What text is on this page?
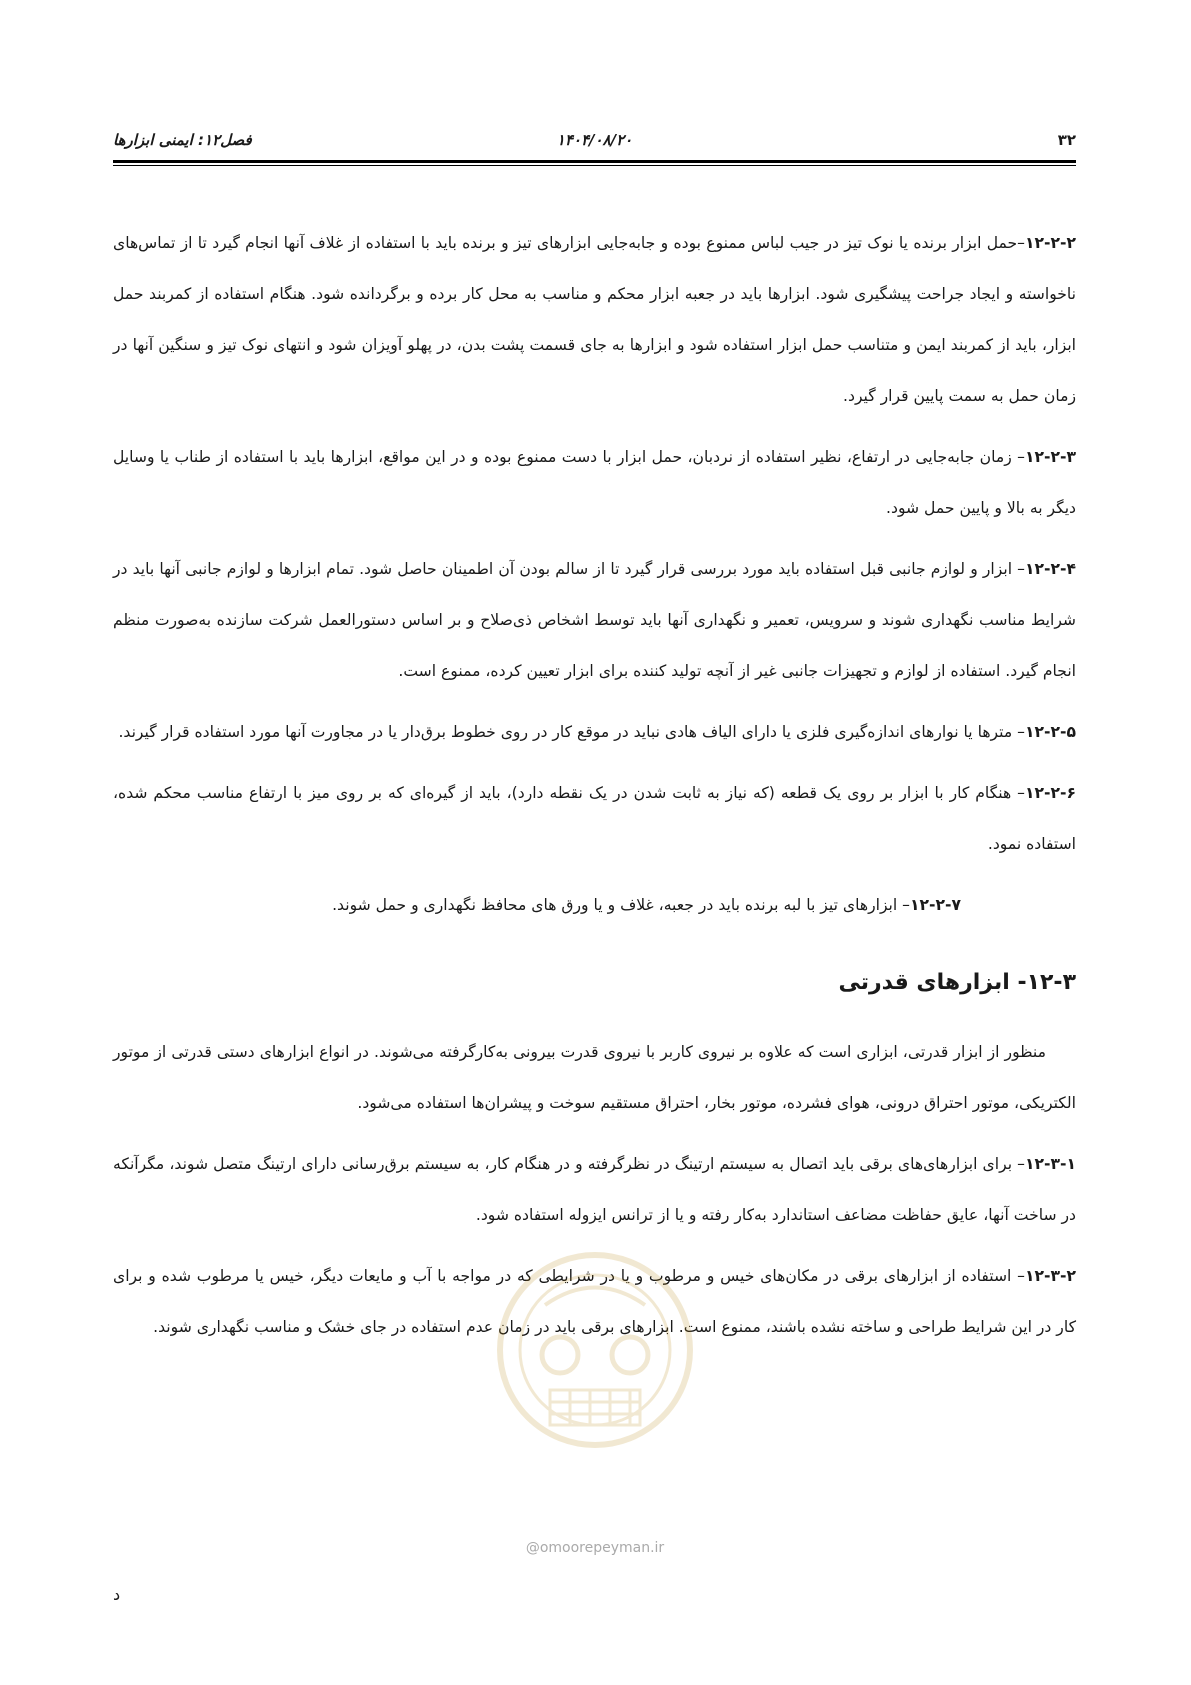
۳۲
۱۴۰۴/۰۸/۲۰
فصل۱۲: ایمنی ابزارها

۱۲-۲-۲–حمل ابزار برنده یا نوک تیز در جیب لباس ممنوع بوده و جابه‌جایی ابزارهای تیز و برنده باید با استفاده از غلاف آنها انجام گیرد تا از تماس‌های ناخواسته و ایجاد جراحت پیشگیری شود. ابزارها باید در جعبه ابزار محکم و مناسب به محل کار برده و برگردانده شود. هنگام استفاده از کمربند حمل ابزار، باید از کمربند ایمن و متناسب حمل ابزار استفاده شود و ابزارها به جای قسمت پشت بدن، در پهلو آویزان شود و انتهای نوک تیز و سنگین آنها در زمان حمل به سمت پایین قرار گیرد.

۱۲-۲-۳– زمان جابه‌جایی در ارتفاع، نظیر استفاده از نردبان، حمل ابزار با دست ممنوع بوده و در این مواقع، ابزارها باید با استفاده از طناب یا وسایل دیگر به بالا و پایین حمل شود.

۱۲-۲-۴– ابزار و لوازم جانبی قبل استفاده باید مورد بررسی قرار گیرد تا از سالم بودن آن اطمینان حاصل شود. تمام ابزارها و لوازم جانبی آنها باید در شرایط مناسب نگهداری شوند و سرویس، تعمیر و نگهداری آنها باید توسط اشخاص ذی‌صلاح و بر اساس دستورالعمل شرکت سازنده به‌صورت منظم انجام گیرد. استفاده از لوازم و تجهیزات جانبی غیر از آنچه تولید کننده برای ابزار تعیین کرده، ممنوع است.

۱۲-۲-۵– مترها یا نوارهای اندازه‌گیری فلزی یا دارای الیاف هادی نباید در موقع کار در روی خطوط برق‌دار یا در مجاورت آنها مورد استفاده قرار گیرند.

۱۲-۲-۶– هنگام کار با ابزار بر روی یک قطعه (که نیاز به ثابت شدن در یک نقطه دارد)، باید از گیره‌ای که بر روی میز با ارتفاع مناسب محکم شده، استفاده نمود.

۱۲-۲-۷– ابزارهای تیز با لبه برنده باید در جعبه، غلاف و یا ورق های محافظ نگهداری و حمل شوند.

۱۲-۳- ابزارهای قدرتی

منظور از ابزار قدرتی، ابزاری است که علاوه بر نیروی کاربر با نیروی قدرت بیرونی به‌کارگرفته می‌شوند. در انواع ابزارهای دستی قدرتی از موتور الکتریکی، موتور احتراق درونی، هوای فشرده، موتور بخار، احتراق مستقیم سوخت و پیشران‌ها استفاده می‌شود.

۱۲-۳-۱– برای ابزارهای‌های برقی باید اتصال به سیستم ارتینگ در نظرگرفته و در هنگام کار، به سیستم برق‌رسانی دارای ارتینگ متصل شوند، مگرآنکه در ساخت آنها، عایق حفاظت مضاعف استاندارد به‌کار رفته و یا از ترانس ایزوله استفاده شود.

۱۲-۳-۲– استفاده از ابزارهای برقی در مکان‌های خیس و مرطوب و یا در شرایطی که در مواجه با آب و مایعات دیگر، خیس یا مرطوب شده و برای کار در این شرایط طراحی و ساخته نشده باشند، ممنوع است. ابزارهای برقی باید در زمان عدم استفاده در جای خشک و مناسب نگهداری شوند.

@omoorepeyman.ir
د
